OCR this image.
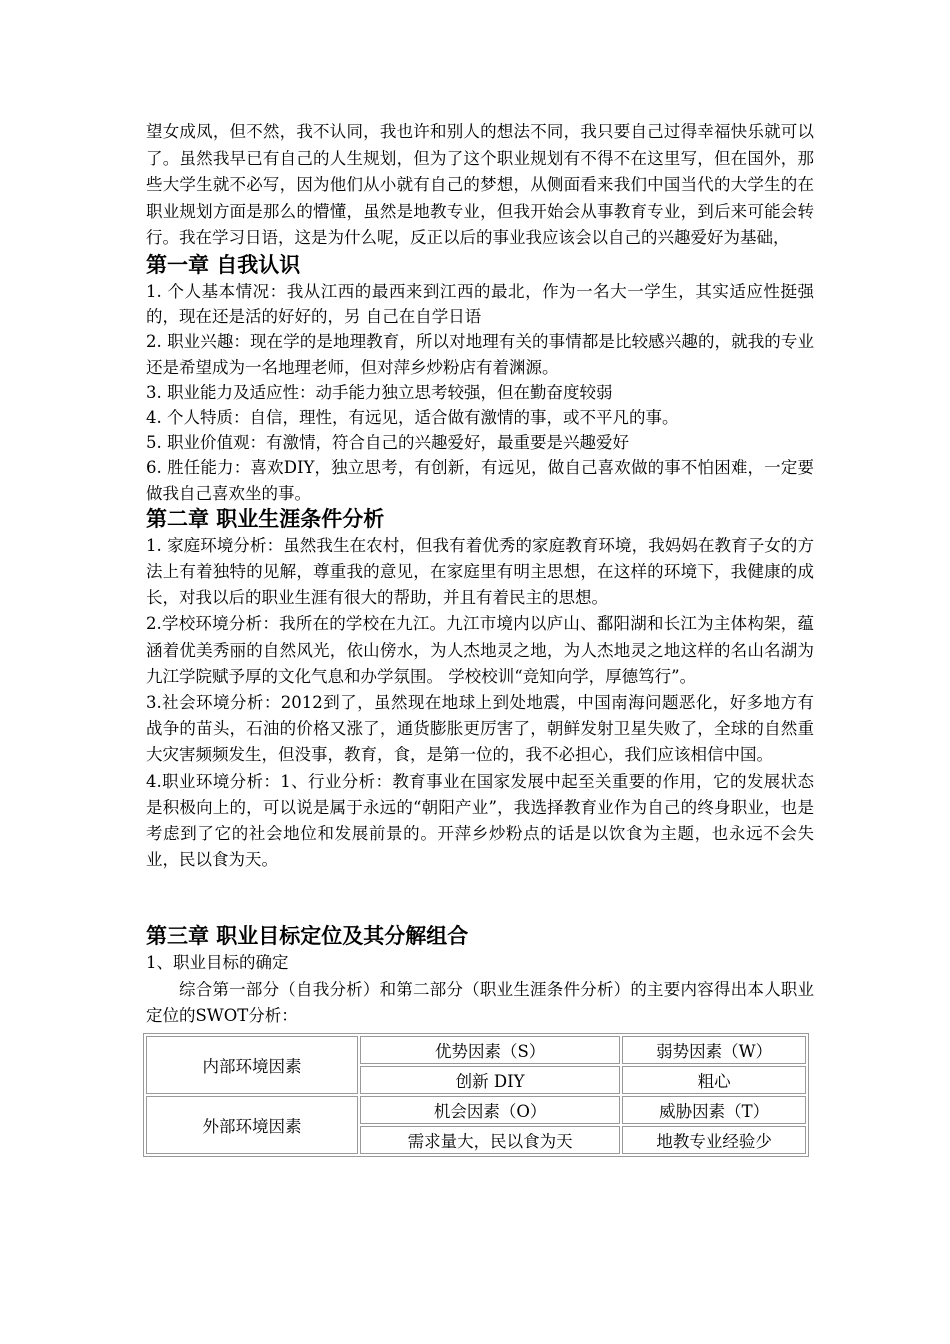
望女成凤，但不然，我不认同，我也许和别人的想法不同，我只要自己过得幸福快乐就可以了。虽然我早已有自己的人生规划，但为了这个职业规划有不得不在这里写，但在国外，那些大学生就不必写，因为他们从小就有自己的梦想，从侧面看来我们中国当代的大学生的在职业规划方面是那么的懵懂，虽然是地教专业，但我开始会从事教育专业，到后来可能会转行。我在学习日语，这是为什么呢，反正以后的事业我应该会以自己的兴趣爱好为基础，

第一章 自我认识

1. 个人基本情况：我从江西的最西来到江西的最北，作为一名大一学生，其实适应性挺强的，现在还是活的好好的，另 自己在自学日语

2. 职业兴趣：现在学的是地理教育，所以对地理有关的事情都是比较感兴趣的，就我的专业还是希望成为一名地理老师，但对萍乡炒粉店有着渊源。

3. 职业能力及适应性：动手能力独立思考较强，但在勤奋度较弱

4. 个人特质：自信，理性，有远见，适合做有激情的事，或不平凡的事。

5. 职业价值观：有激情，符合自己的兴趣爱好，最重要是兴趣爱好

6. 胜任能力：喜欢DIY，独立思考，有创新，有远见，做自己喜欢做的事不怕困难，一定要做我自己喜欢坐的事。

第二章 职业生涯条件分析

1. 家庭环境分析：虽然我生在农村，但我有着优秀的家庭教育环境，我妈妈在教育子女的方法上有着独特的见解，尊重我的意见，在家庭里有明主思想，在这样的环境下，我健康的成长，对我以后的职业生涯有很大的帮助，并且有着民主的思想。

2.学校环境分析：我所在的学校在九江。九江市境内以庐山、鄱阳湖和长江为主体构架，蕴涵着优美秀丽的自然风光，依山傍水，为人杰地灵之地，为人杰地灵之地这样的名山名湖为九江学院赋予厚的文化气息和办学氛围。 学校校训“竞知向学，厚德笃行”。

3.社会环境分析：2012到了，虽然现在地球上到处地震，中国南海问题恶化，好多地方有战争的苗头，石油的价格又涨了，通货膨胀更厉害了，朝鲜发射卫星失败了，全球的自然重大灾害频频发生，但没事，教育，食，是第一位的，我不必担心，我们应该相信中国。

4.职业环境分析：1、行业分析：教育事业在国家发展中起至关重要的作用，它的发展状态是积极向上的，可以说是属于永远的“朝阳产业”，我选择教育业作为自己的终身职业，也是考虑到了它的社会地位和发展前景的。开萍乡炒粉点的话是以饮食为主题，也永远不会失业，民以食为天。

第三章 职业目标定位及其分解组合

1、职业目标的确定

综合第一部分（自我分析）和第二部分（职业生涯条件分析）的主要内容得出本人职业定位的SWOT分析：

内部环境因素	优势因素（S）	弱势因素（W）
	创新 DIY	粗心
外部环境因素	机会因素（O）	威胁因素（T）
	需求量大，民以食为天	地教专业经验少
